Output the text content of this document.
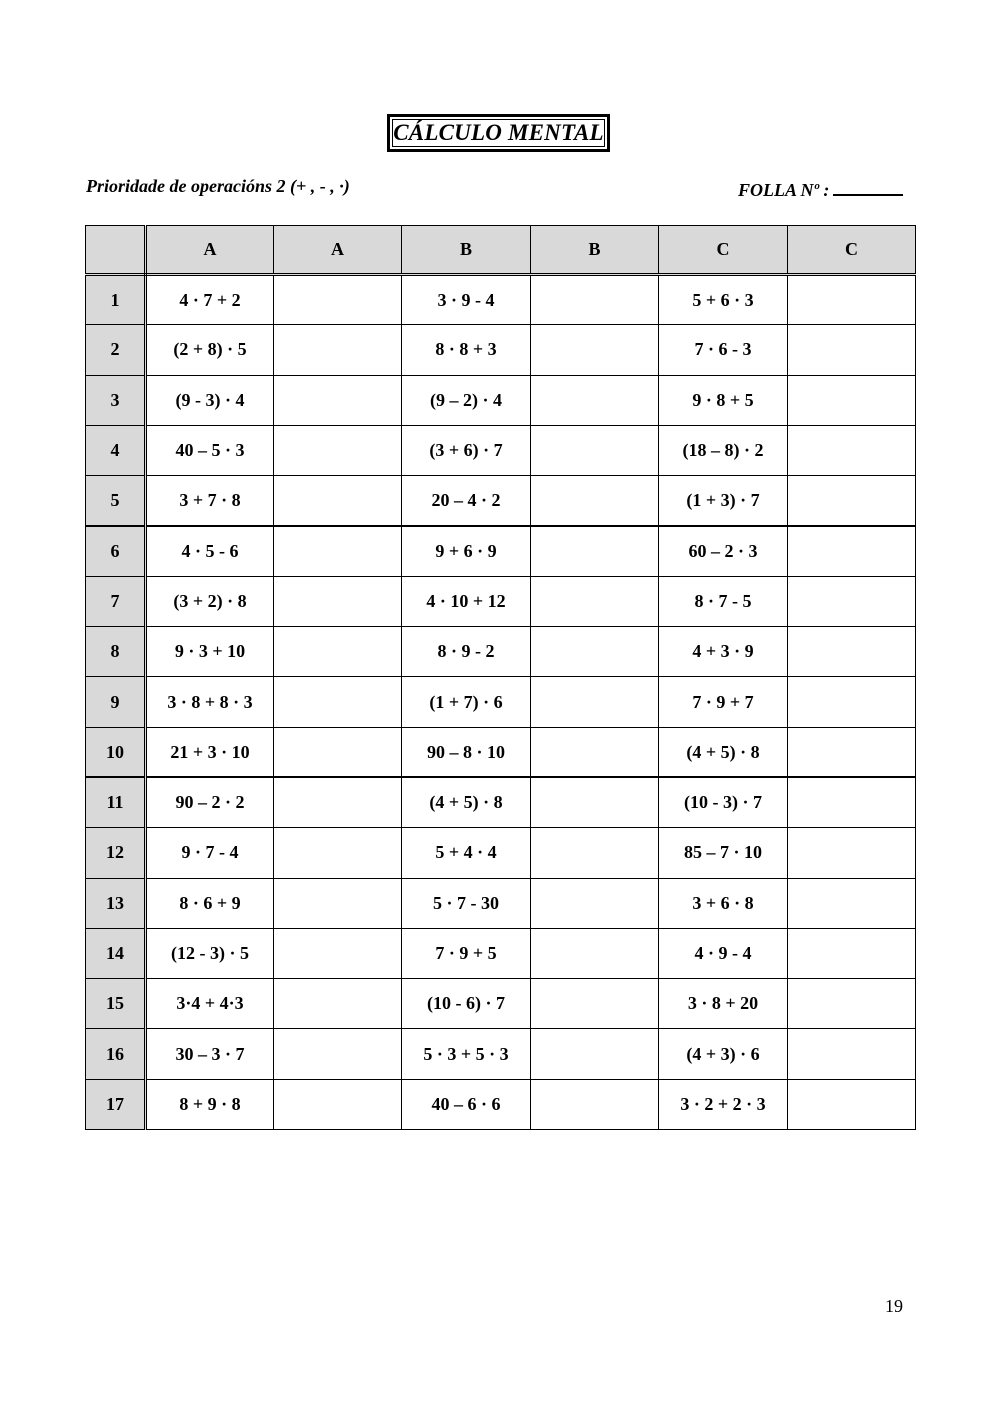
CÁLCULO MENTAL
Prioridade de operacións 2 (+ , - , ·)	FOLLA Nº :
	A	A	B	B	C	C
1	4 · 7 + 2		3 · 9 - 4		5 + 6 · 3	
2	(2 + 8) · 5		8 · 8 + 3		7 · 6 - 3	
3	(9 - 3) · 4		(9 – 2) · 4		9 · 8 + 5	
4	40 – 5 · 3		(3 + 6) · 7		(18 – 8) · 2	
5	3 + 7 · 8		20 – 4 · 2		(1 + 3) · 7	
6	4 · 5 - 6		9 + 6 · 9		60 – 2 · 3	
7	(3 + 2) · 8		4 · 10 + 12		8 · 7 - 5	
8	9 · 3 + 10		8 · 9 - 2		4 + 3 · 9	
9	3 · 8 + 8 · 3		(1 + 7) · 6		7 · 9 + 7	
10	21 + 3 · 10		90 – 8 · 10		(4 + 5) · 8	
11	90 – 2 · 2		(4 + 5) · 8		(10 - 3) · 7	
12	9 · 7 - 4		5 + 4 · 4		85 – 7 · 10	
13	8 · 6 + 9		5 · 7 - 30		3 + 6 · 8	
14	(12 - 3) · 5		7 · 9 + 5		4 · 9 - 4	
15	3·4 + 4·3		(10 - 6) · 7		3 · 8 + 20	
16	30 – 3 · 7		5 · 3 + 5 · 3		(4 + 3) · 6	
17	8 + 9 · 8		40 – 6 · 6		3 · 2 + 2 · 3	
19
